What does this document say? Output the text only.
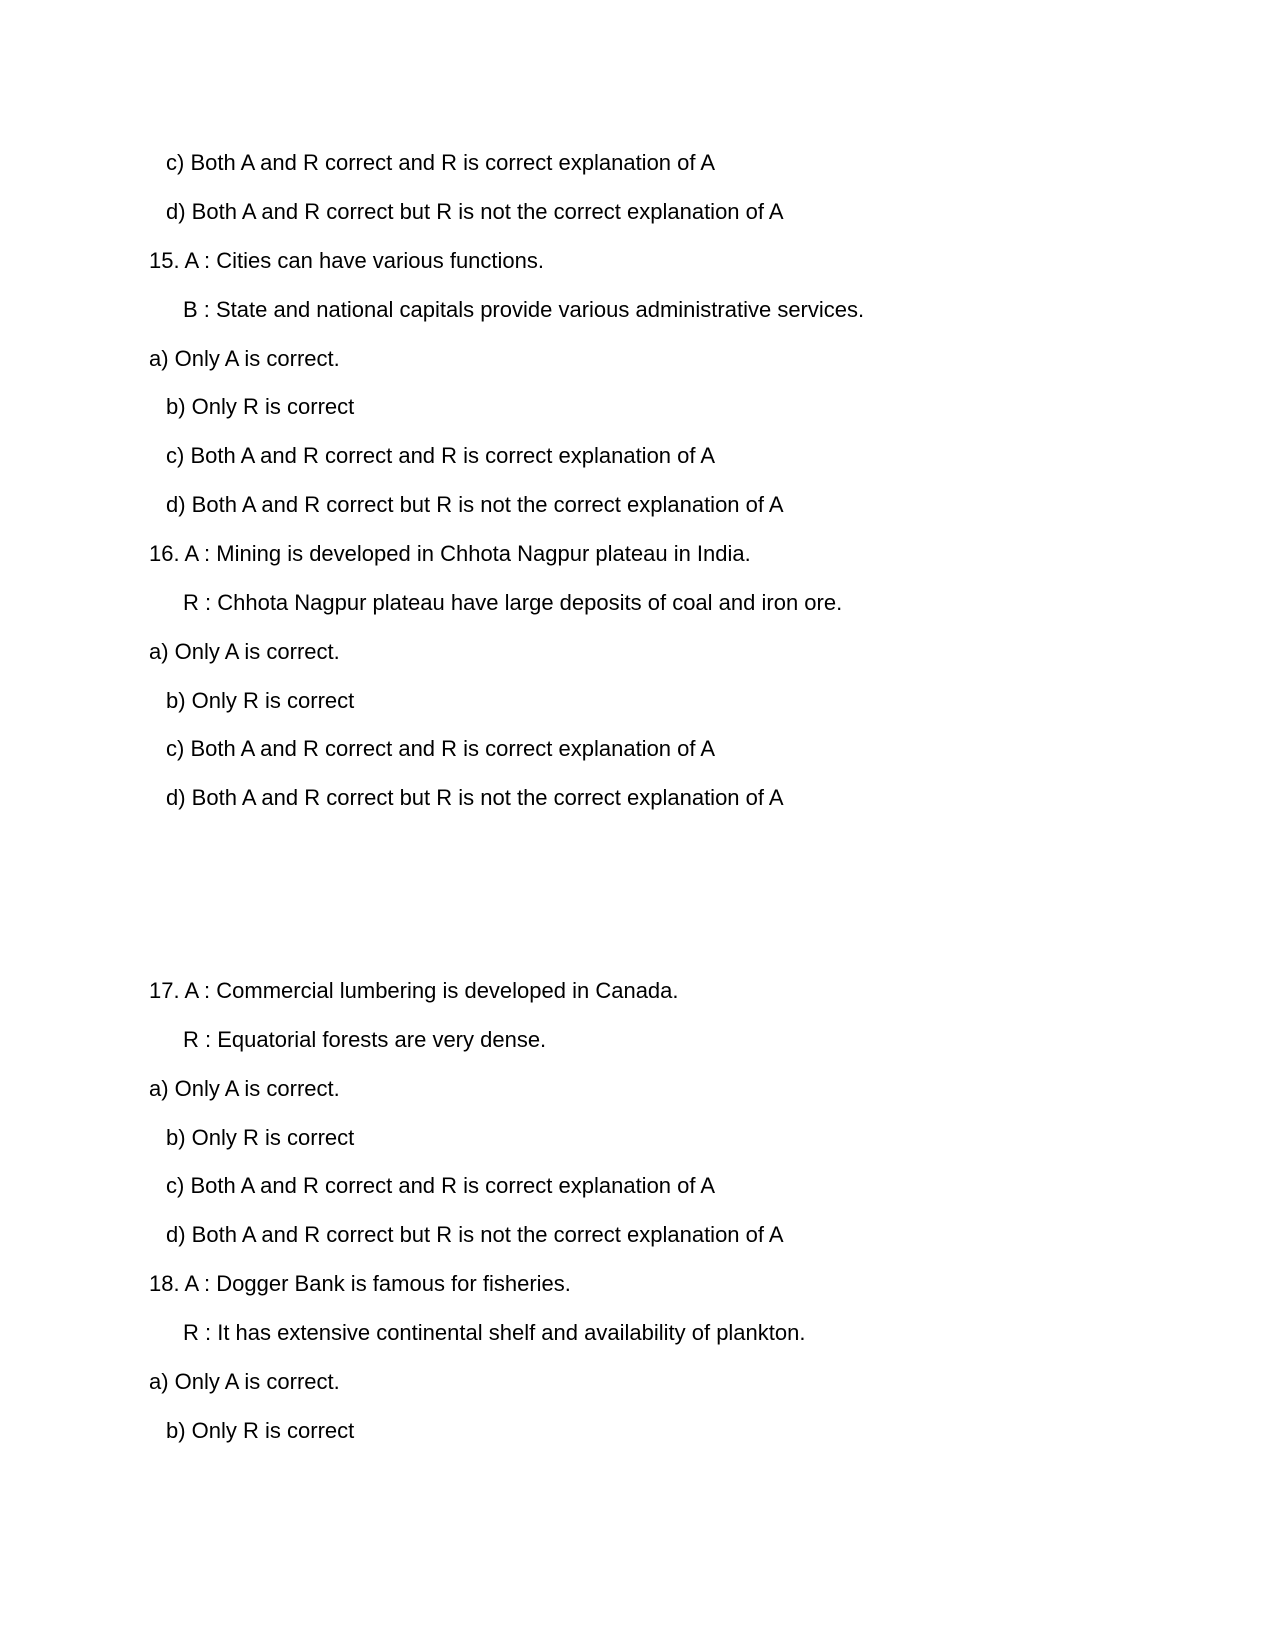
c) Both A and R correct and R is correct explanation of A
d) Both A and R correct but R is not the correct explanation of A
15. A : Cities can have various functions.
B : State and national capitals provide various administrative services.
a) Only A is correct.
b) Only R is correct
c) Both A and R correct and R is correct explanation of A
d) Both A and R correct but R is not the correct explanation of A
16. A : Mining is developed in Chhota Nagpur plateau in India.
R : Chhota Nagpur plateau have large deposits of coal and iron ore.
a) Only A is correct.
b) Only R is correct
c) Both A and R correct and R is correct explanation of A
d) Both A and R correct but R is not the correct explanation of A
17. A : Commercial lumbering is developed in Canada.
R : Equatorial forests are very dense.
a) Only A is correct.
b) Only R is correct
c) Both A and R correct and R is correct explanation of A
d) Both A and R correct but R is not the correct explanation of A
18. A : Dogger Bank is famous for fisheries.
R : It has extensive continental shelf and availability of plankton.
a) Only A is correct.
b) Only R is correct
